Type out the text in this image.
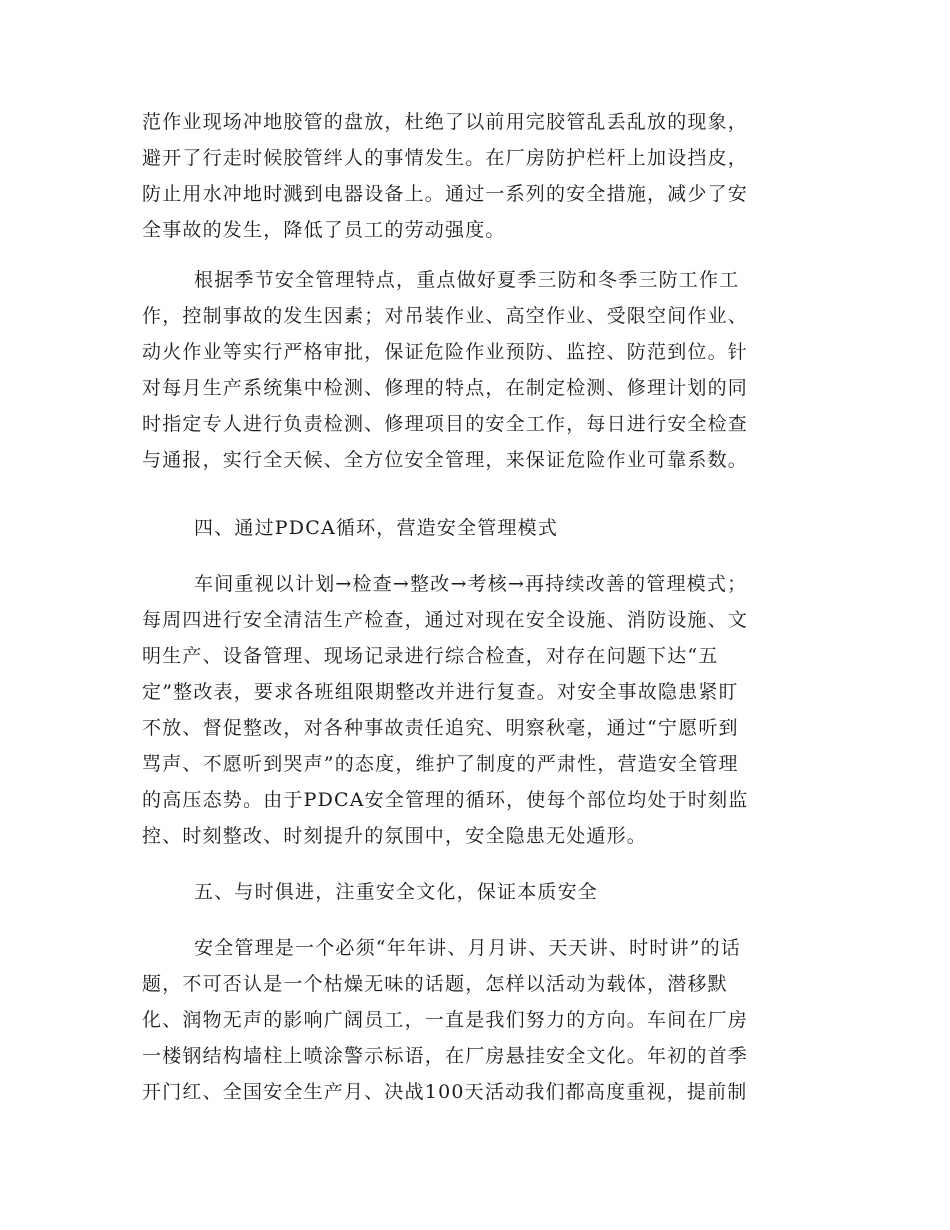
范作业现场冲地胶管的盘放，杜绝了以前用完胶管乱丢乱放的现象，
避开了行走时候胶管绊人的事情发生。在厂房防护栏杆上加设挡皮，
防止用水冲地时溅到电器设备上。通过一系列的安全措施，减少了安
全事故的发生，降低了员工的劳动强度。
根据季节安全管理特点，重点做好夏季三防和冬季三防工作工
作，控制事故的发生因素；对吊装作业、高空作业、受限空间作业、
动火作业等实行严格审批，保证危险作业预防、监控、防范到位。针
对每月生产系统集中检测、修理的特点，在制定检测、修理计划的同
时指定专人进行负责检测、修理项目的安全工作，每日进行安全检查
与通报，实行全天候、全方位安全管理，来保证危险作业可靠系数。
四、通过PDCA循环，营造安全管理模式
车间重视以计划→检查→整改→考核→再持续改善的管理模式；
每周四进行安全清洁生产检查，通过对现在安全设施、消防设施、文
明生产、设备管理、现场记录进行综合检查，对存在问题下达“五
定”整改表，要求各班组限期整改并进行复查。对安全事故隐患紧盯
不放、督促整改，对各种事故责任追究、明察秋毫，通过“宁愿听到
骂声、不愿听到哭声”的态度，维护了制度的严肃性，营造安全管理
的高压态势。由于PDCA安全管理的循环，使每个部位均处于时刻监
控、时刻整改、时刻提升的氛围中，安全隐患无处遁形。
五、与时俱进，注重安全文化，保证本质安全
安全管理是一个必须“年年讲、月月讲、天天讲、时时讲”的话
题，不可否认是一个枯燥无味的话题，怎样以活动为载体，潜移默
化、润物无声的影响广阔员工，一直是我们努力的方向。车间在厂房
一楼钢结构墙柱上喷涂警示标语，在厂房悬挂安全文化。年初的首季
开门红、全国安全生产月、决战100天活动我们都高度重视，提前制
